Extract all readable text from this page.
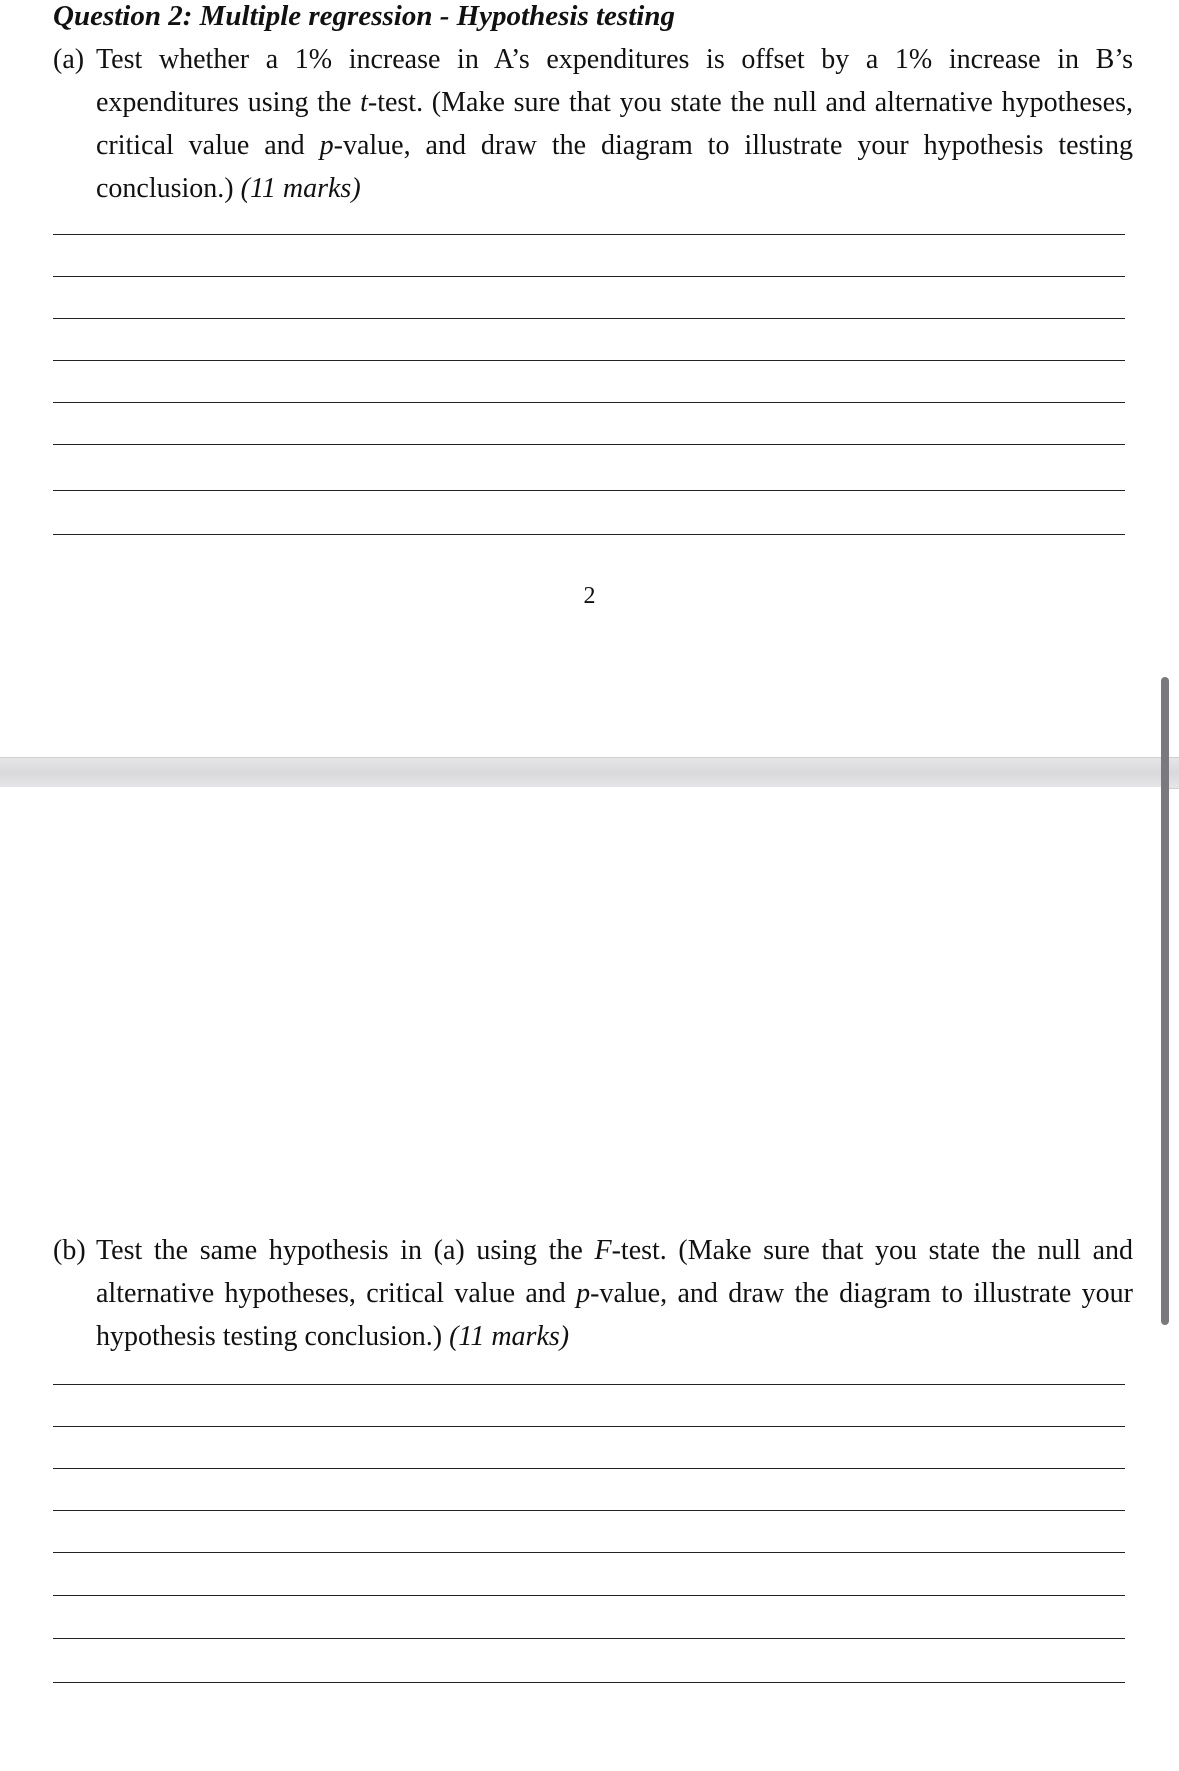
Question 2: Multiple regression - Hypothesis testing
(a) Test whether a 1% increase in A’s expenditures is offset by a 1% increase in B’s expenditures using the t-test. (Make sure that you state the null and alternative hypotheses, critical value and p-value, and draw the diagram to illustrate your hypothesis testing conclusion.) (11 marks)
2
(b) Test the same hypothesis in (a) using the F-test. (Make sure that you state the null and alternative hypotheses, critical value and p-value, and draw the diagram to illustrate your hypothesis testing conclusion.) (11 marks)
